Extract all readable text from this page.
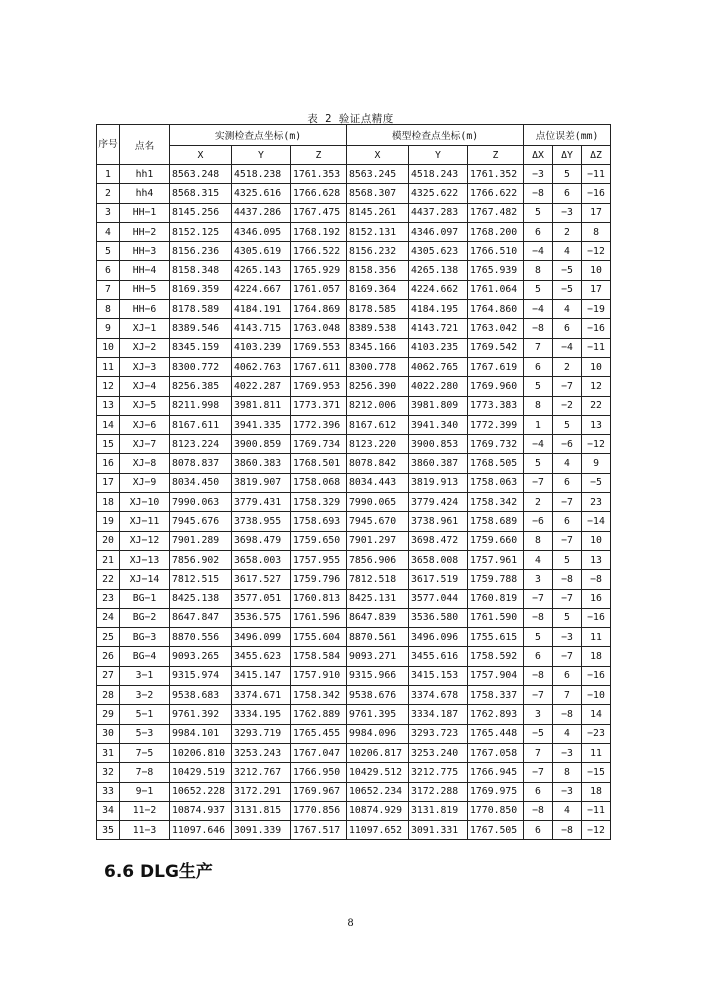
表 2 验证点精度
序号	点名	实测检查点坐标(m)			模型检查点坐标(m)			点位误差(mm)		
		X	Y	Z	X	Y	Z	ΔX	ΔY	ΔZ
1	hh1	8563.248	4518.238	1761.353	8563.245	4518.243	1761.352	−3	5	−11
2	hh4	8568.315	4325.616	1766.628	8568.307	4325.622	1766.622	−8	6	−16
3	HH−1	8145.256	4437.286	1767.475	8145.261	4437.283	1767.482	5	−3	17
4	HH−2	8152.125	4346.095	1768.192	8152.131	4346.097	1768.200	6	2	8
5	HH−3	8156.236	4305.619	1766.522	8156.232	4305.623	1766.510	−4	4	−12
6	HH−4	8158.348	4265.143	1765.929	8158.356	4265.138	1765.939	8	−5	10
7	HH−5	8169.359	4224.667	1761.057	8169.364	4224.662	1761.064	5	−5	17
8	HH−6	8178.589	4184.191	1764.869	8178.585	4184.195	1764.860	−4	4	−19
9	XJ−1	8389.546	4143.715	1763.048	8389.538	4143.721	1763.042	−8	6	−16
10	XJ−2	8345.159	4103.239	1769.553	8345.166	4103.235	1769.542	7	−4	−11
11	XJ−3	8300.772	4062.763	1767.611	8300.778	4062.765	1767.619	6	2	10
12	XJ−4	8256.385	4022.287	1769.953	8256.390	4022.280	1769.960	5	−7	12
13	XJ−5	8211.998	3981.811	1773.371	8212.006	3981.809	1773.383	8	−2	22
14	XJ−6	8167.611	3941.335	1772.396	8167.612	3941.340	1772.399	1	5	13
15	XJ−7	8123.224	3900.859	1769.734	8123.220	3900.853	1769.732	−4	−6	−12
16	XJ−8	8078.837	3860.383	1768.501	8078.842	3860.387	1768.505	5	4	9
17	XJ−9	8034.450	3819.907	1758.068	8034.443	3819.913	1758.063	−7	6	−5
18	XJ−10	7990.063	3779.431	1758.329	7990.065	3779.424	1758.342	2	−7	23
19	XJ−11	7945.676	3738.955	1758.693	7945.670	3738.961	1758.689	−6	6	−14
20	XJ−12	7901.289	3698.479	1759.650	7901.297	3698.472	1759.660	8	−7	10
21	XJ−13	7856.902	3658.003	1757.955	7856.906	3658.008	1757.961	4	5	13
22	XJ−14	7812.515	3617.527	1759.796	7812.518	3617.519	1759.788	3	−8	−8
23	BG−1	8425.138	3577.051	1760.813	8425.131	3577.044	1760.819	−7	−7	16
24	BG−2	8647.847	3536.575	1761.596	8647.839	3536.580	1761.590	−8	5	−16
25	BG−3	8870.556	3496.099	1755.604	8870.561	3496.096	1755.615	5	−3	11
26	BG−4	9093.265	3455.623	1758.584	9093.271	3455.616	1758.592	6	−7	18
27	3−1	9315.974	3415.147	1757.910	9315.966	3415.153	1757.904	−8	6	−16
28	3−2	9538.683	3374.671	1758.342	9538.676	3374.678	1758.337	−7	7	−10
29	5−1	9761.392	3334.195	1762.889	9761.395	3334.187	1762.893	3	−8	14
30	5−3	9984.101	3293.719	1765.455	9984.096	3293.723	1765.448	−5	4	−23
31	7−5	10206.810	3253.243	1767.047	10206.817	3253.240	1767.058	7	−3	11
32	7−8	10429.519	3212.767	1766.950	10429.512	3212.775	1766.945	−7	8	−15
33	9−1	10652.228	3172.291	1769.967	10652.234	3172.288	1769.975	6	−3	18
34	11−2	10874.937	3131.815	1770.856	10874.929	3131.819	1770.850	−8	4	−11
35	11−3	11097.646	3091.339	1767.517	11097.652	3091.331	1767.505	6	−8	−12
6.6 DLG生产
8
